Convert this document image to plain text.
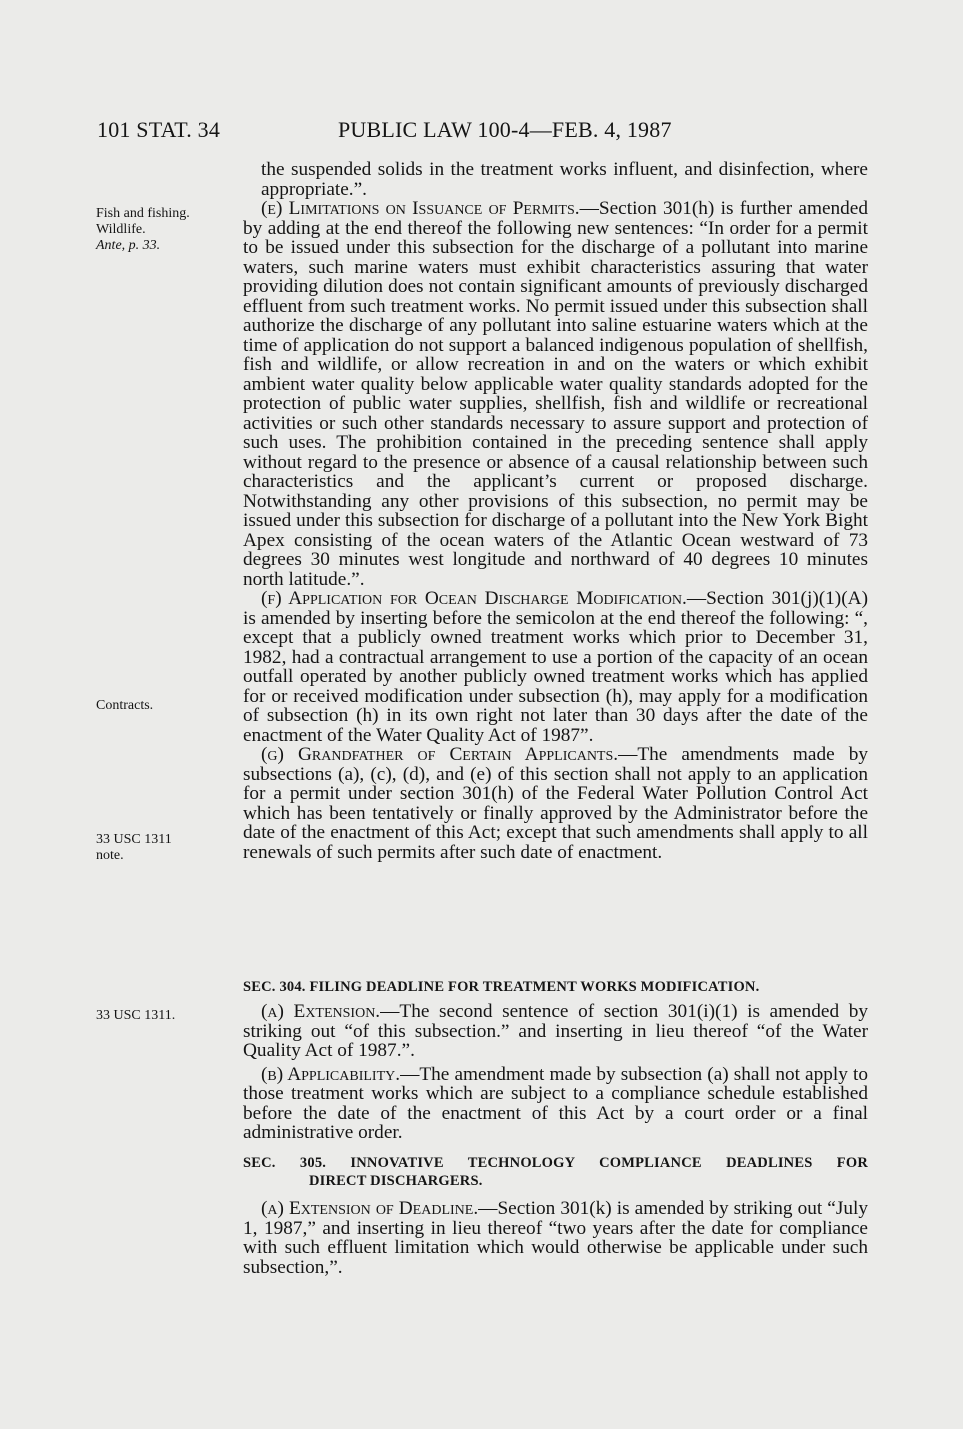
101 STAT. 34	PUBLIC LAW 100-4—FEB. 4, 1987
Fish and fishing.
Wildlife.
Ante, p. 33.
Contracts.
33 USC 1311
note.
33 USC 1311.

the suspended solids in the treatment works influent, and disinfection, where appropriate.”.

(e) Limitations on Issuance of Permits.—Section 301(h) is further amended by adding at the end thereof the following new sentences: “In order for a permit to be issued under this subsection for the discharge of a pollutant into marine waters, such marine waters must exhibit characteristics assuring that water providing dilution does not contain significant amounts of previously discharged effluent from such treatment works. No permit issued under this subsection shall authorize the discharge of any pollutant into saline estuarine waters which at the time of application do not support a balanced indigenous population of shellfish, fish and wildlife, or allow recreation in and on the waters or which exhibit ambient water quality below applicable water quality standards adopted for the protection of public water supplies, shellfish, fish and wildlife or recreational activities or such other standards necessary to assure support and protection of such uses. The prohibition contained in the preceding sentence shall apply without regard to the presence or absence of a causal relationship between such characteristics and the applicant’s current or proposed discharge. Notwithstanding any other provisions of this subsection, no permit may be issued under this subsection for discharge of a pollutant into the New York Bight Apex consisting of the ocean waters of the Atlantic Ocean westward of 73 degrees 30 minutes west longitude and northward of 40 degrees 10 minutes north latitude.”.

(f) Application for Ocean Discharge Modification.—Section 301(j)(1)(A) is amended by inserting before the semicolon at the end thereof the following: “, except that a publicly owned treatment works which prior to December 31, 1982, had a contractual arrangement to use a portion of the capacity of an ocean outfall operated by another publicly owned treatment works which has applied for or received modification under subsection (h), may apply for a modification of subsection (h) in its own right not later than 30 days after the date of the enactment of the Water Quality Act of 1987”.

(g) Grandfather of Certain Applicants.—The amendments made by subsections (a), (c), (d), and (e) of this section shall not apply to an application for a permit under section 301(h) of the Federal Water Pollution Control Act which has been tentatively or finally approved by the Administrator before the date of the enactment of this Act; except that such amendments shall apply to all renewals of such permits after such date of enactment.

SEC. 304. FILING DEADLINE FOR TREATMENT WORKS MODIFICATION.

(a) Extension.—The second sentence of section 301(i)(1) is amended by striking out “of this subsection.” and inserting in lieu thereof “of the Water Quality Act of 1987.”.

(b) Applicability.—The amendment made by subsection (a) shall not apply to those treatment works which are subject to a compliance schedule established before the date of the enactment of this Act by a court order or a final administrative order.

SEC. 305. INNOVATIVE TECHNOLOGY COMPLIANCE DEADLINES FOR
DIRECT DISCHARGERS.

(a) Extension of Deadline.—Section 301(k) is amended by striking out “July 1, 1987,” and inserting in lieu thereof “two years after the date for compliance with such effluent limitation which would otherwise be applicable under such subsection,”.
